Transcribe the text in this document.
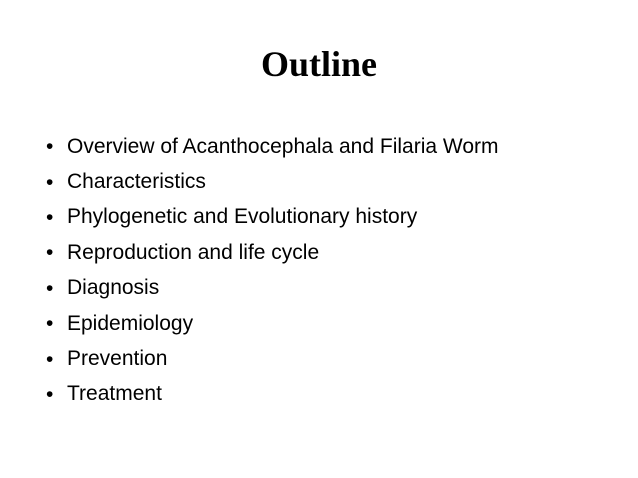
Outline
• Overview of Acanthocephala and Filaria Worm
• Characteristics
• Phylogenetic and Evolutionary history
• Reproduction and life cycle
• Diagnosis
• Epidemiology
• Prevention
• Treatment
